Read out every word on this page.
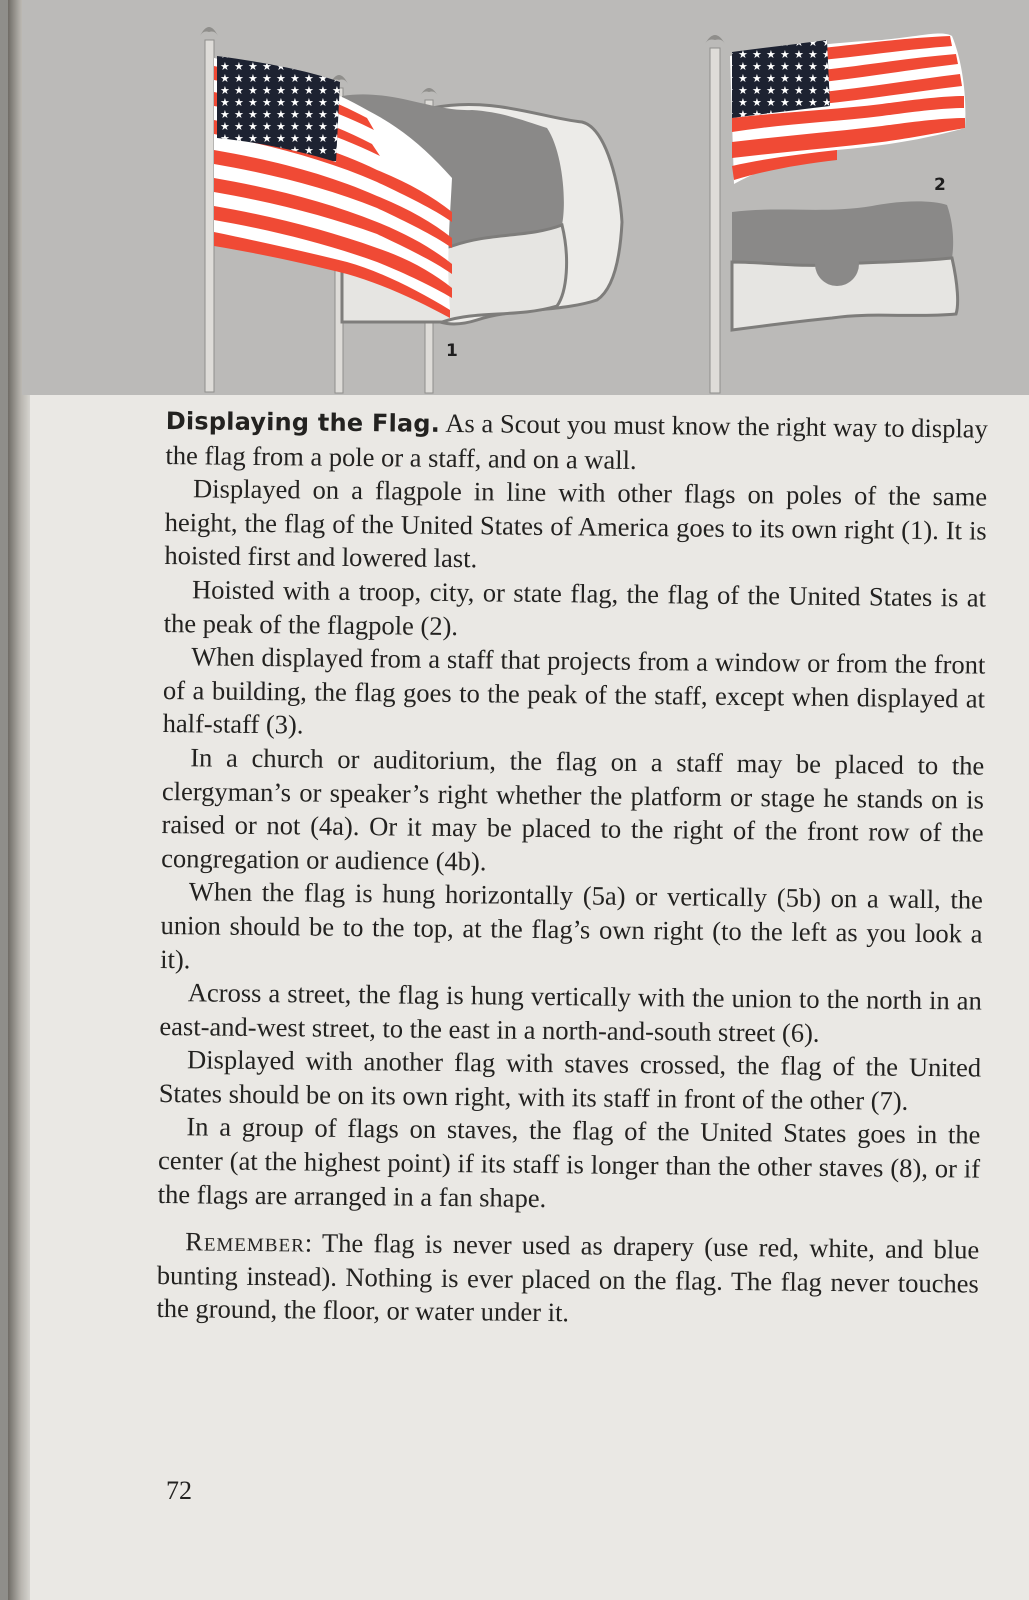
1
2

Displaying the Flag. As a Scout you must know the right way to display the flag from a pole or a staff, and on a wall.

Displayed on a flagpole in line with other flags on poles of the same height, the flag of the United States of America goes to its own right (1). It is hoisted first and lowered last.

Hoisted with a troop, city, or state flag, the flag of the United States is at the peak of the flagpole (2).

When displayed from a staff that projects from a window or from the front of a building, the flag goes to the peak of the staff, except when displayed at half-staff (3).

In a church or auditorium, the flag on a staff may be placed to the clergyman’s or speaker’s right whether the platform or stage he stands on is raised or not (4a). Or it may be placed to the right of the front row of the congregation or audience (4b).

When the flag is hung horizontally (5a) or vertically (5b) on a wall, the union should be to the top, at the flag’s own right (to the left as you look a it).

Across a street, the flag is hung vertically with the union to the north in an east-and-west street, to the east in a north-and-south street (6).

Displayed with another flag with staves crossed, the flag of the United States should be on its own right, with its staff in front of the other (7).

In a group of flags on staves, the flag of the United States goes in the center (at the highest point) if its staff is longer than the other staves (8), or if the flags are arranged in a fan shape.

Remember: The flag is never used as drapery (use red, white, and blue bunting instead). Nothing is ever placed on the flag. The flag never touches the ground, the floor, or water under it.

72
